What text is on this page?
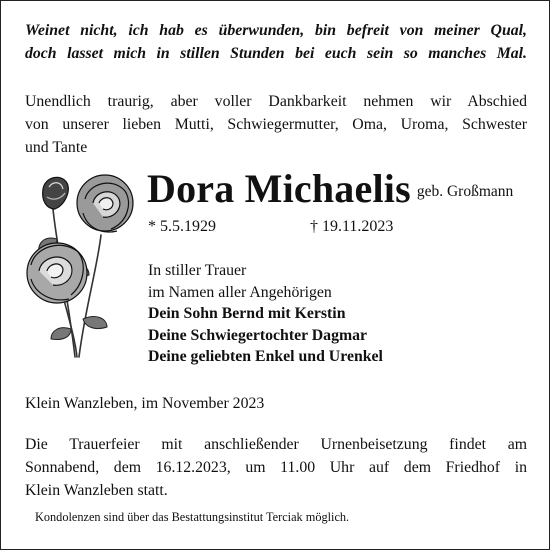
Weinet nicht, ich hab es überwunden, bin befreit von meiner Qual,
doch lasset mich in stillen Stunden bei euch sein so manches Mal.
Unendlich traurig, aber voller Dankbarkeit nehmen wir Abschied
von unserer lieben Mutti, Schwiegermutter, Oma, Uroma, Schwester
und Tante
Dora Michaelis geb. Großmann
* 5.5.1929	† 19.11.2023
In stiller Trauer
im Namen aller Angehörigen
Dein Sohn Bernd mit Kerstin
Deine Schwiegertochter Dagmar
Deine geliebten Enkel und Urenkel
Klein Wanzleben, im November 2023
Die Trauerfeier mit anschließender Urnenbeisetzung findet am
Sonnabend, dem 16.12.2023, um 11.00 Uhr auf dem Friedhof in
Klein Wanzleben statt.
Kondolenzen sind über das Bestattungsinstitut Terciak möglich.
